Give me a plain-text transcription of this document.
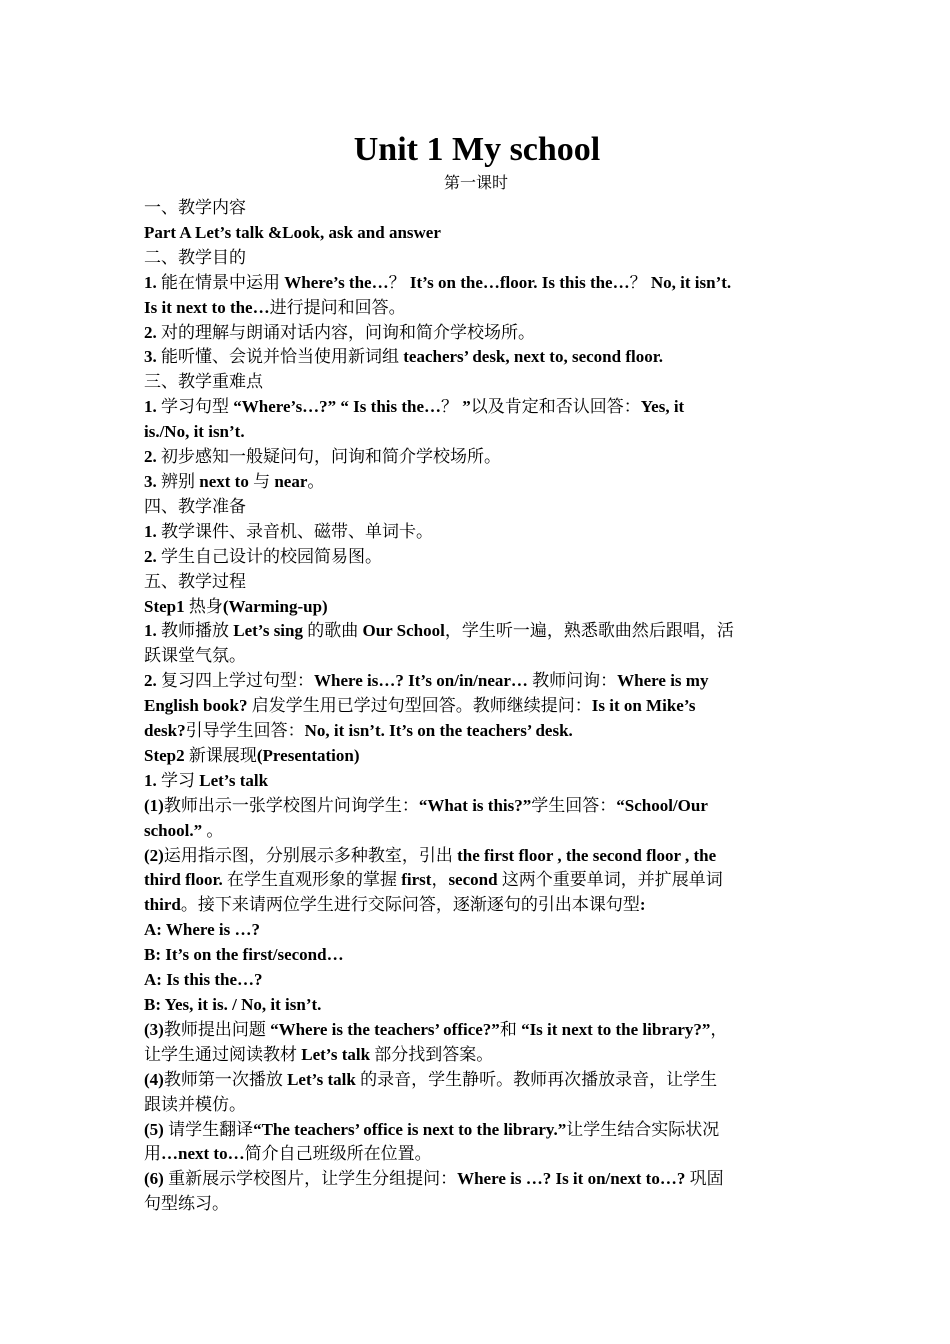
Unit 1 My school

第一课时

一、教学内容

Part A Let’s talk &Look, ask and answer

二、教学目的

1. 能在情景中运用 Where’s the…？ It’s on the…floor. Is this the…？ No, it isn’t.

Is it next to the…进行提问和回答。

2. 对的理解与朗诵对话内容，问询和简介学校场所。

3. 能听懂、会说并恰当使用新词组 teachers’ desk, next to, second floor.

三、教学重难点

1. 学习句型 “Where’s…?” “ Is this the…？ ”以及肯定和否认回答：Yes, it

is./No, it isn’t.

2. 初步感知一般疑问句，问询和简介学校场所。

3. 辨别 next to 与 near。

四、教学准备

1. 教学课件、录音机、磁带、单词卡。

2. 学生自己设计的校园简易图。

五、教学过程

Step1 热身(Warming-up)

1. 教师播放 Let’s sing 的歌曲 Our School，学生听一遍，熟悉歌曲然后跟唱，活

跃课堂气氛。

2. 复习四上学过句型：Where is…? It’s on/in/near… 教师问询：Where is my

English book? 启发学生用已学过句型回答。教师继续提问：Is it on Mike’s

desk?引导学生回答：No, it isn’t. It’s on the teachers’ desk.

Step2 新课展现(Presentation)

1. 学习 Let’s talk

(1)教师出示一张学校图片问询学生：“What is this?”学生回答：“School/Our

school.” 。

(2)运用指示图，分别展示多种教室，引出 the first floor , the second floor , the

third floor. 在学生直观形象的掌握 first，second 这两个重要单词，并扩展单词

third。接下来请两位学生进行交际问答，逐渐逐句的引出本课句型:

A: Where is …?

B: It’s on the first/second…

A: Is this the…?

B: Yes, it is. / No, it isn’t.

(3)教师提出问题 “Where is the teachers’ office?”和 “Is it next to the library?”，

让学生通过阅读教材 Let’s talk 部分找到答案。

(4)教师第一次播放 Let’s talk 的录音，学生静听。教师再次播放录音，让学生

跟读并模仿。

(5) 请学生翻译“The teachers’ office is next to the library.”让学生结合实际状况

用…next to…简介自己班级所在位置。

(6) 重新展示学校图片，让学生分组提问：Where is …? Is it on/next to…? 巩固

句型练习。
